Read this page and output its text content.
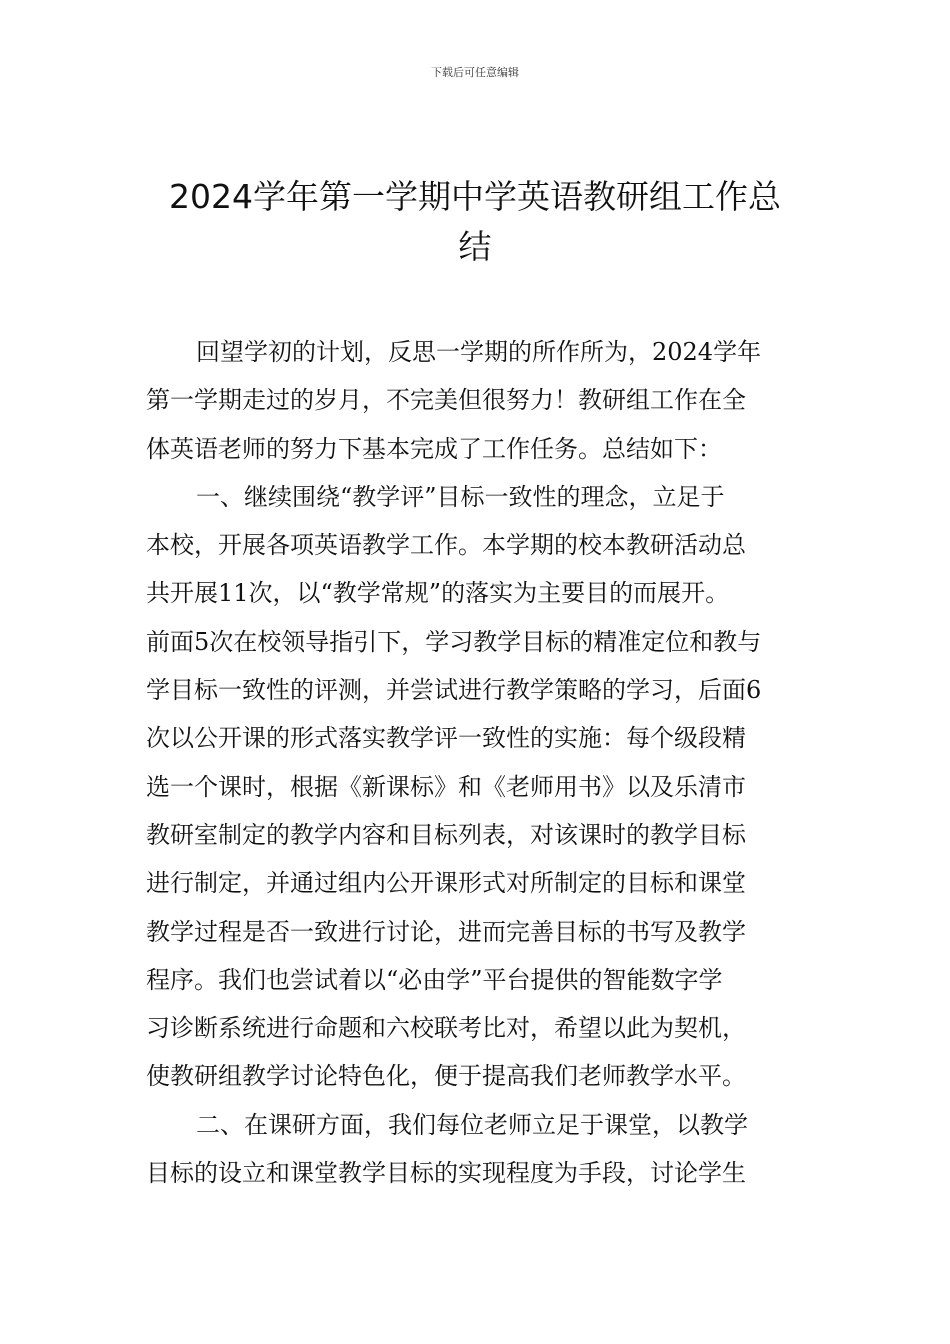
下载后可任意编辑
2024学年第一学期中学英语教研组工作总
结
回望学初的计划，反思一学期的所作所为，2024学年
第一学期走过的岁月，不完美但很努力！教研组工作在全
体英语老师的努力下基本完成了工作任务。总结如下：
一、继续围绕“教学评”目标一致性的理念，立足于
本校，开展各项英语教学工作。本学期的校本教研活动总
共开展11次，以“教学常规”的落实为主要目的而展开。
前面5次在校领导指引下，学习教学目标的精准定位和教与
学目标一致性的评测，并尝试进行教学策略的学习，后面6
次以公开课的形式落实教学评一致性的实施：每个级段精
选一个课时，根据《新课标》和《老师用书》以及乐清市
教研室制定的教学内容和目标列表，对该课时的教学目标
进行制定，并通过组内公开课形式对所制定的目标和课堂
教学过程是否一致进行讨论，进而完善目标的书写及教学
程序。我们也尝试着以“必由学”平台提供的智能数字学
习诊断系统进行命题和六校联考比对，希望以此为契机，
使教研组教学讨论特色化，便于提高我们老师教学水平。
二、在课研方面，我们每位老师立足于课堂，以教学
目标的设立和课堂教学目标的实现程度为手段，讨论学生
